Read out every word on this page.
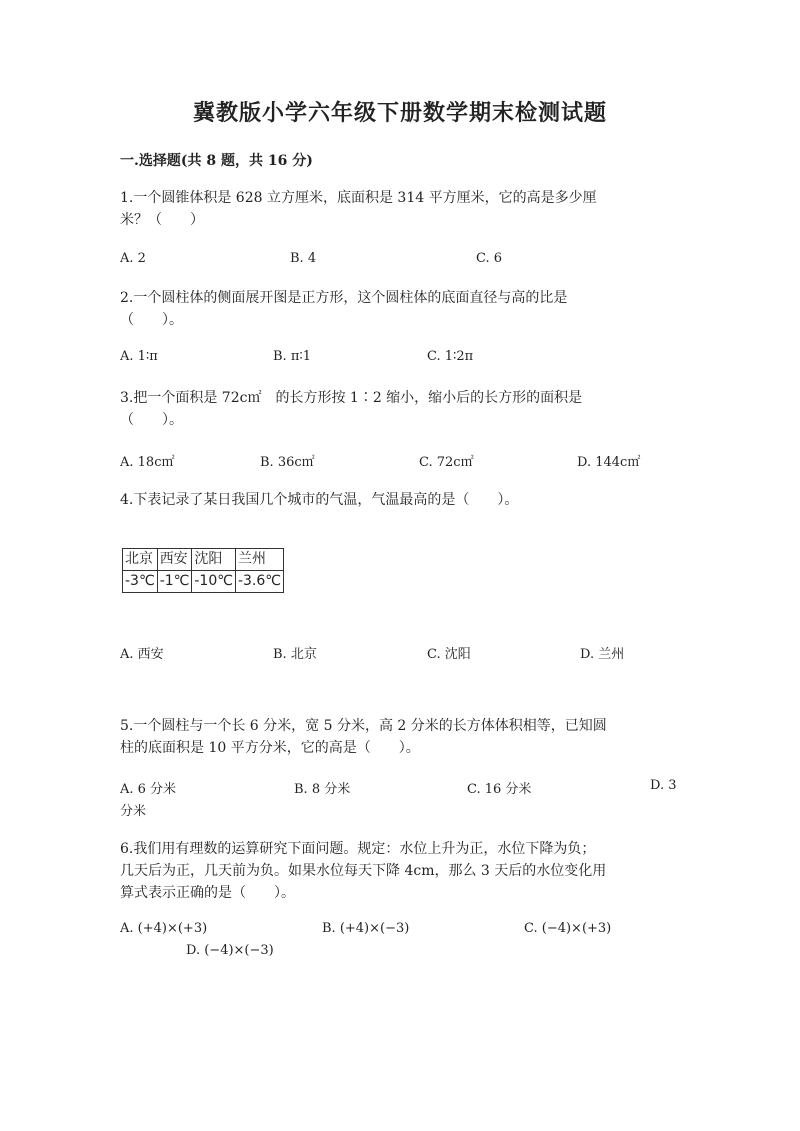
冀教版小学六年级下册数学期末检测试题
一.选择题(共 8 题，共 16 分)
1.一个圆锥体积是 628 立方厘米，底面积是 314 平方厘米，它的高是多少厘
米？（　　）
A. 2	B. 4	C. 6
2.一个圆柱体的侧面展开图是正方形，这个圆柱体的底面直径与高的比是
（　　）。
A. 1∶π	B. π∶1	C. 1∶2π
3.把一个面积是 72c㎡　的长方形按 1∶2 缩小，缩小后的长方形的面积是
（　　）。
A. 18c㎡	B. 36c㎡	C. 72c㎡	D. 144c㎡
4.下表记录了某日我国几个城市的气温，气温最高的是（　　）。
北京	西安	沈阳	兰州
-3℃	-1℃	-10℃	-3.6℃
A. 西安	B. 北京	C. 沈阳	D. 兰州
5.一个圆柱与一个长 6 分米，宽 5 分米，高 2 分米的长方体体积相等，已知圆
柱的底面积是 10 平方分米，它的高是（　　）。
A. 6 分米	B. 8 分米	C. 16 分米	D. 3
分米
6.我们用有理数的运算研究下面问题。规定：水位上升为正，水位下降为负；
几天后为正，几天前为负。如果水位每天下降 4cm，那么 3 天后的水位变化用
算式表示正确的是（　　）。
A. (+4)×(+3)	B. (+4)×(−3)	C. (−4)×(+3)
D. (−4)×(−3)
